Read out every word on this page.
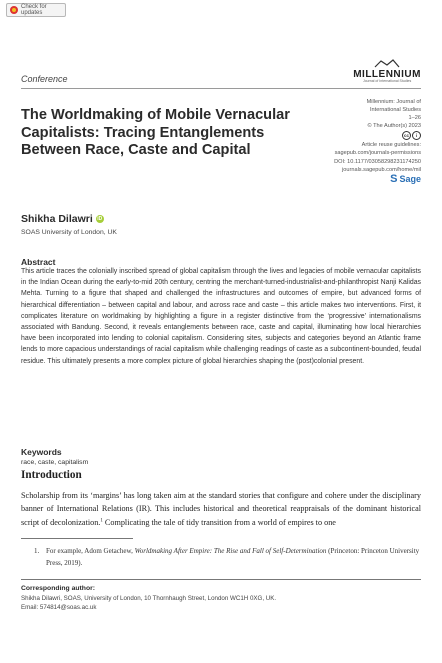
Check for updates
Conference	MILLENNIUM
Journal of International Studies
Millennium: Journal of
International Studies
1–26
© The Author(s) 2023
cc	i
Article reuse guidelines:
sagepub.com/journals-permissions
DOI: 10.1177/03058298231174250
journals.sagepub.com/home/mil
S Sage
The Worldmaking of Mobile Vernacular Capitalists: Tracing Entanglements Between Race, Caste and Capital
Shikha Dilawri iD
SOAS University of London, UK
Abstract

This article traces the colonially inscribed spread of global capitalism through the lives and legacies of mobile vernacular capitalists in the Indian Ocean during the early-to-mid 20th century, centring the merchant-turned-industrialist-and-philanthropist Nanji Kalidas Mehta. Turning to a figure that shaped and challenged the infrastructures and outcomes of empire, but advanced forms of hierarchical differentiation – between capital and labour, and across race and caste – this article makes two interventions. First, it complicates literature on worldmaking by highlighting a figure in a register distinctive from the ‘progressive’ internationalisms associated with Bandung. Second, it reveals entanglements between race, caste and capital, illuminating how local hierarchies have been incorporated into lending to colonial capitalism. Considering sites, subjects and categories beyond an Atlantic frame lends to more capacious understandings of racial capitalism while challenging readings of caste as a subcontinent-bounded, feudal residue. This ultimately presents a more complex picture of global hierarchies shaping the (post)colonial present.

Keywords

race, caste, capitalism

Introduction

Scholarship from its ‘margins’ has long taken aim at the standard stories that configure and cohere under the disciplinary banner of International Relations (IR). This includes historical and theoretical reappraisals of the dominant historical script of decolonization.$^1$ Complicating the tale of tidy transition from a world of empires to one

1. For example, Adom Getachew, Worldmaking After Empire: The Rise and Fall of Self-Determination (Princeton: Princeton University Press, 2019).
Corresponding author:
Shikha Dilawri, SOAS, University of London, 10 Thornhaugh Street, London WC1H 0XG, UK.
Email: 574814@soas.ac.uk
